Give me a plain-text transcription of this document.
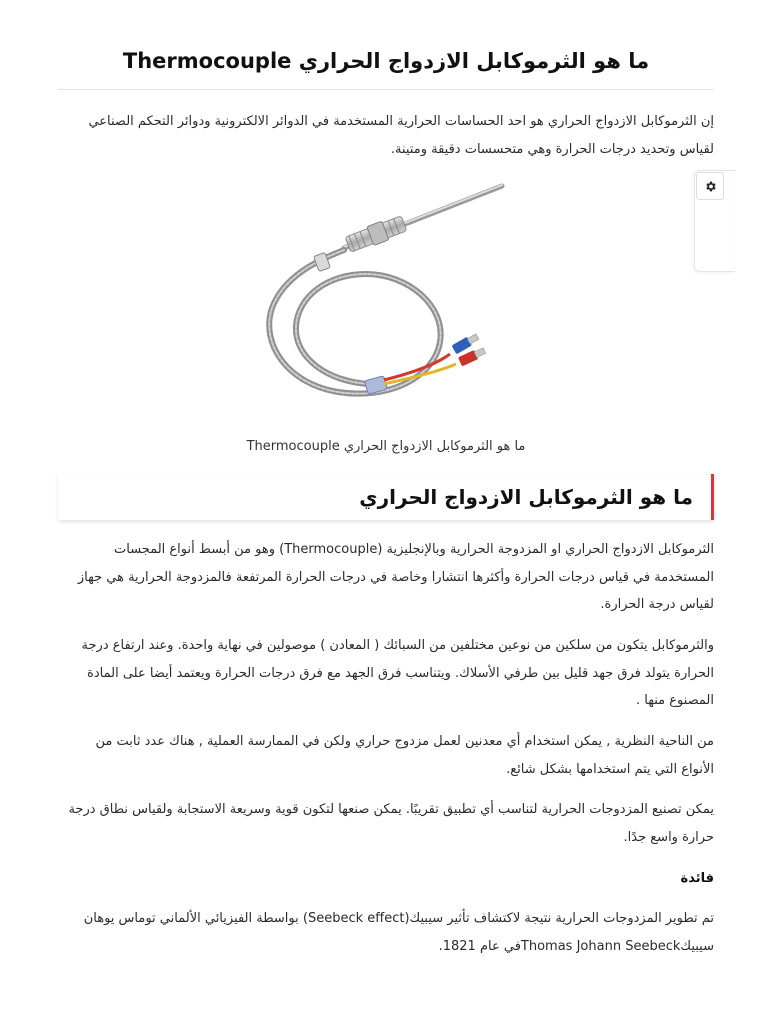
ما هو الثرموكابل الازدواج الحراري Thermocouple

إن الثرموكابل الازدواج الحراري هو احد الحساسات الحرارية المستخدمة في الدوائر الالكترونية ودوائر التحكم الصناعي لقياس وتحديد درجات الحرارة وهي متحسسات دقيقة ومتينة.

ما هو الثرموكابل الازدواج الحراري Thermocouple

ما هو الثرموكابل الازدواج الحراري

الثرموكابل الازدواج الحراري او المزدوجة الحرارية وبالإنجليزية (Thermocouple) وهو من أبسط أنواع المجسات المستخدمة في قياس درجات الحرارة وأكثرها انتشارا وخاصة في درجات الحرارة المرتفعة فالمزدوجة الحرارية هي جهاز لقياس درجة الحرارة.

والثرموكابل يتكون من سلكين من نوعين مختلفين من السبائك ( المعادن ) موصولين في نهاية واحدة. وعند ارتفاع درجة الحرارة يتولد فرق جهد قليل بين طرفي الأسلاك. ويتناسب فرق الجهد مع فرق درجات الحرارة ويعتمد أيضا على المادة المصنوع منها .

من الناحية النظرية , يمكن استخدام أي معدنين لعمل مزدوج حراري ولكن في الممارسة العملية , هناك عدد ثابت من الأنواع التي يتم استخدامها بشكل شائع.

يمكن تصنيع المزدوجات الحرارية لتناسب أي تطبيق تقريبًا. يمكن صنعها لتكون قوية وسريعة الاستجابة ولقياس نطاق درجة حرارة واسع جدًا.

فائدة

تم تطوير المزدوجات الحرارية نتيجة لاكتشاف تأثير سيبيك(Seebeck effect) بواسطة الفيزيائي الألماني توماس يوهان سيبيكThomas Johann Seebeckفي عام 1821.
